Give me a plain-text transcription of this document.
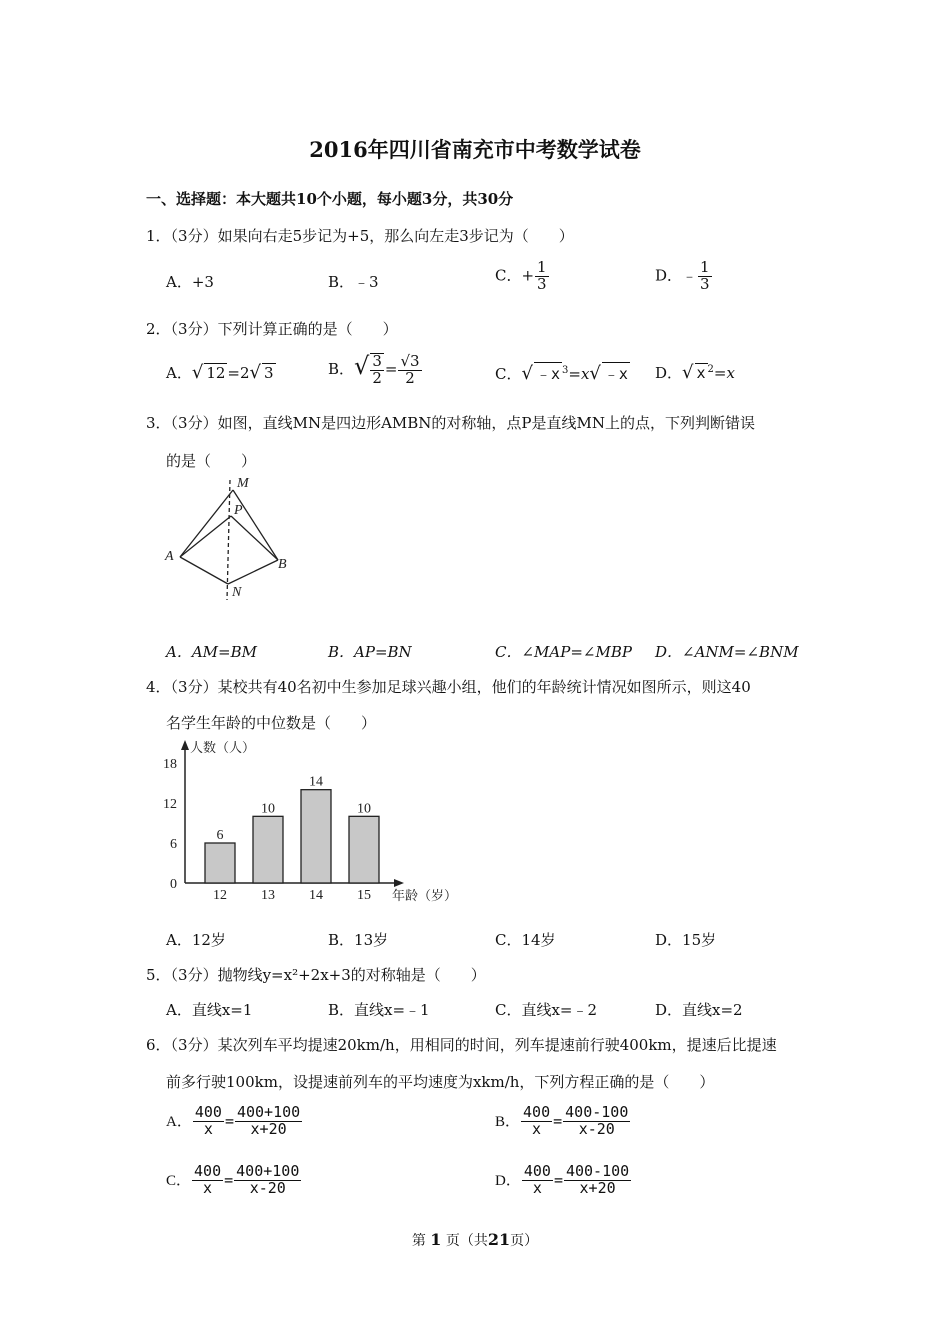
2016年四川省南充市中考数学试卷
一、选择题：本大题共10个小题，每小题3分，共30分
1．（3分）如果向右走5步记为+5，那么向左走3步记为（　　）
A．+3	B．﹣3	C．+ $\frac{1}{3}$	D．﹣ $\frac{1}{3}$
2．（3分）下列计算正确的是（　　）
A．√ 12 =2√ 3	B．√ $\frac{3}{2} = \frac{√3}{2}$	C．√ ﹣x $^3$=x√ ﹣x D．√ x $^2$=x
3．（3分）如图，直线MN是四边形AMBN的对称轴，点P是直线MN上的点，下列判断错误
的是（　　）
M
P
A
B
N
A．AM=BM	B．AP=BN	C．∠MAP=∠MBP D．∠ANM=∠BNM
4．（3分）某校共有40名初中生参加足球兴趣小组，他们的年龄统计情况如图所示，则这40
名学生年龄的中位数是（　　）
人数（人）
年龄（岁）
18
12
6
0
6
12
10
13
14
14
10
15
A．12岁	B．13岁	C．14岁	D．15岁
5．（3分）抛物线y=x²+2x+3的对称轴是（　　）
A．直线x=1	B．直线x=﹣1	C．直线x=﹣2	D．直线x=2
6．（3分）某次列车平均提速20km/h，用相同的时间，列车提速前行驶400km，提速后比提速
前多行驶100km，设提速前列车的平均速度为xkm/h，下列方程正确的是（　　）
A． $\frac{400}{x} = \frac{400+100}{x+20}$	B． $\frac{400}{x} = \frac{400-100}{x-20}$
C． $\frac{400}{x} = \frac{400+100}{x-20}$	D． $\frac{400}{x} = \frac{400-100}{x+20}$
第 1 页（共21页）
